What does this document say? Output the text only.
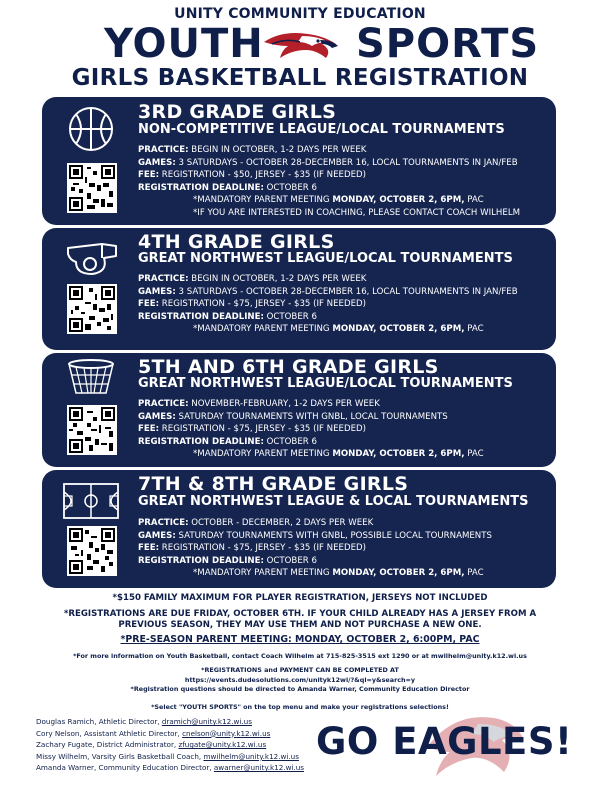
UNITY COMMUNITY EDUCATION
YOUTH SPORTS
GIRLS BASKETBALL REGISTRATION
3RD GRADE GIRLS
NON-COMPETITIVE LEAGUE/LOCAL TOURNAMENTS
PRACTICE: BEGIN IN OCTOBER, 1-2 DAYS PER WEEK
GAMES: 3 SATURDAYS - OCTOBER 28-DECEMBER 16, LOCAL TOURNAMENTS IN JAN/FEB
FEE: REGISTRATION - $50, JERSEY - $35 (IF NEEDED)
REGISTRATION DEADLINE: OCTOBER 6
*MANDATORY PARENT MEETING MONDAY, OCTOBER 2, 6PM, PAC
*IF YOU ARE INTERESTED IN COACHING, PLEASE CONTACT COACH WILHELM
4TH GRADE GIRLS
GREAT NORTHWEST LEAGUE/LOCAL TOURNAMENTS
PRACTICE: BEGIN IN OCTOBER, 1-2 DAYS PER WEEK
GAMES: 3 SATURDAYS - OCTOBER 28-DECEMBER 16, LOCAL TOURNAMENTS IN JAN/FEB
FEE: REGISTRATION - $75, JERSEY - $35 (IF NEEDED)
REGISTRATION DEADLINE: OCTOBER 6
*MANDATORY PARENT MEETING MONDAY, OCTOBER 2, 6PM, PAC
5TH AND 6TH GRADE GIRLS
GREAT NORTHWEST LEAGUE/LOCAL TOURNAMENTS
PRACTICE: NOVEMBER-FEBRUARY, 1-2 DAYS PER WEEK
GAMES: SATURDAY TOURNAMENTS WITH GNBL, LOCAL TOURNAMENTS
FEE: REGISTRATION - $75, JERSEY - $35 (IF NEEDED)
REGISTRATION DEADLINE: OCTOBER 6
*MANDATORY PARENT MEETING MONDAY, OCTOBER 2, 6PM, PAC
7TH & 8TH GRADE GIRLS
GREAT NORTHWEST LEAGUE & LOCAL TOURNAMENTS
PRACTICE: OCTOBER - DECEMBER, 2 DAYS PER WEEK
GAMES: SATURDAY TOURNAMENTS WITH GNBL, POSSIBLE LOCAL TOURNAMENTS
FEE: REGISTRATION - $75, JERSEY - $35 (IF NEEDED)
REGISTRATION DEADLINE: OCTOBER 6
*MANDATORY PARENT MEETING MONDAY, OCTOBER 2, 6PM, PAC
*$150 FAMILY MAXIMUM FOR PLAYER REGISTRATION, JERSEYS NOT INCLUDED
*REGISTRATIONS ARE DUE FRIDAY, OCTOBER 6TH. IF YOUR CHILD ALREADY HAS A JERSEY FROM A PREVIOUS SEASON, THEY MAY USE THEM AND NOT PURCHASE A NEW ONE.
*PRE-SEASON PARENT MEETING: MONDAY, OCTOBER 2, 6:00PM, PAC
*For more information on Youth Basketball, contact Coach Wilhelm at 715-825-3515 ext 1290 or at mwilhelm@unity.k12.wi.us
*REGISTRATIONS and PAYMENT CAN BE COMPLETED AT
https://events.dudesolutions.com/unityk12wi/?&ql=y&search=y
*Registration questions should be directed to Amanda Warner, Community Education Director
*Select "YOUTH SPORTS" on the top menu and make your registrations selections!
Douglas Ramich, Athletic Director, dramich@unity.k12.wi.us
Cory Nelson, Assistant Athletic Director, cnelson@unity.k12.wi.us
Zachary Fugate, District Administrator, zfugate@unity.k12.wi.us
Missy Wilhelm, Varsity Girls Basketball Coach, mwilhelm@unity.k12.wi.us
Amanda Warner, Community Education Director, awarner@unity.k12.wi.us
GO EAGLES!
